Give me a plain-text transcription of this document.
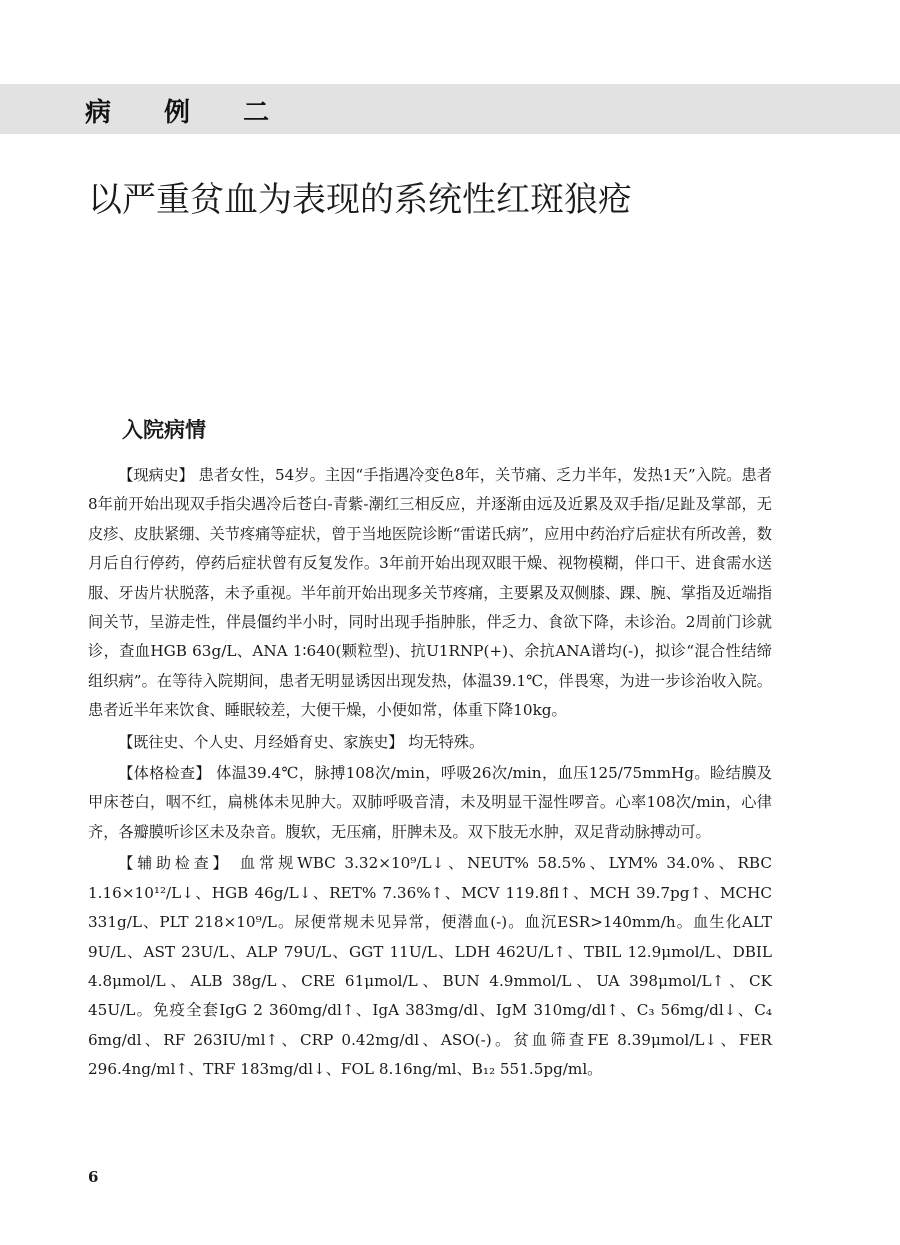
病 例 二
以严重贫血为表现的系统性红斑狼疮
入院病情

【现病史】 患者女性，54岁。主因“手指遇冷变色8年，关节痛、乏力半年，发热1天”入院。患者8年前开始出现双手指尖遇冷后苍白-青紫-潮红三相反应，并逐渐由远及近累及双手指/足趾及掌部，无皮疹、皮肤紧绷、关节疼痛等症状，曾于当地医院诊断“雷诺氏病”，应用中药治疗后症状有所改善，数月后自行停药，停药后症状曾有反复发作。3年前开始出现双眼干燥、视物模糊，伴口干、进食需水送服、牙齿片状脱落，未予重视。半年前开始出现多关节疼痛，主要累及双侧膝、踝、腕、掌指及近端指间关节，呈游走性，伴晨僵约半小时，同时出现手指肿胀，伴乏力、食欲下降，未诊治。2周前门诊就诊，查血HGB 63g/L、ANA 1∶640(颗粒型)、抗U1RNP(+)、余抗ANA谱均(-)，拟诊“混合性结缔组织病”。在等待入院期间，患者无明显诱因出现发热，体温39.1℃，伴畏寒，为进一步诊治收入院。患者近半年来饮食、睡眠较差，大便干燥，小便如常，体重下降10kg。

【既往史、个人史、月经婚育史、家族史】 均无特殊。

【体格检查】 体温39.4℃，脉搏108次/min，呼吸26次/min，血压125/75mmHg。睑结膜及甲床苍白，咽不红，扁桃体未见肿大。双肺呼吸音清，未及明显干湿性啰音。心率108次/min，心律齐，各瓣膜听诊区未及杂音。腹软，无压痛，肝脾未及。双下肢无水肿，双足背动脉搏动可。

【辅助检查】 血常规WBC 3.32×10⁹/L↓、NEUT% 58.5%、LYM% 34.0%、RBC 1.16×10¹²/L↓、HGB 46g/L↓、RET% 7.36%↑、MCV 119.8fl↑、MCH 39.7pg↑、MCHC 331g/L、PLT 218×10⁹/L。尿便常规未见异常，便潜血(-)。血沉ESR>140mm/h。血生化ALT 9U/L、AST 23U/L、ALP 79U/L、GGT 11U/L、LDH 462U/L↑、TBIL 12.9μmol/L、DBIL 4.8μmol/L、ALB 38g/L、CRE 61μmol/L、BUN 4.9mmol/L、UA 398μmol/L↑、CK 45U/L。免疫全套IgG 2 360mg/dl↑、IgA 383mg/dl、IgM 310mg/dl↑、C₃ 56mg/dl↓、C₄ 6mg/dl、RF 263IU/ml↑、CRP 0.42mg/dl、ASO(-)。贫血筛查FE 8.39μmol/L↓、FER 296.4ng/ml↑、TRF 183mg/dl↓、FOL 8.16ng/ml、B₁₂ 551.5pg/ml。

6
